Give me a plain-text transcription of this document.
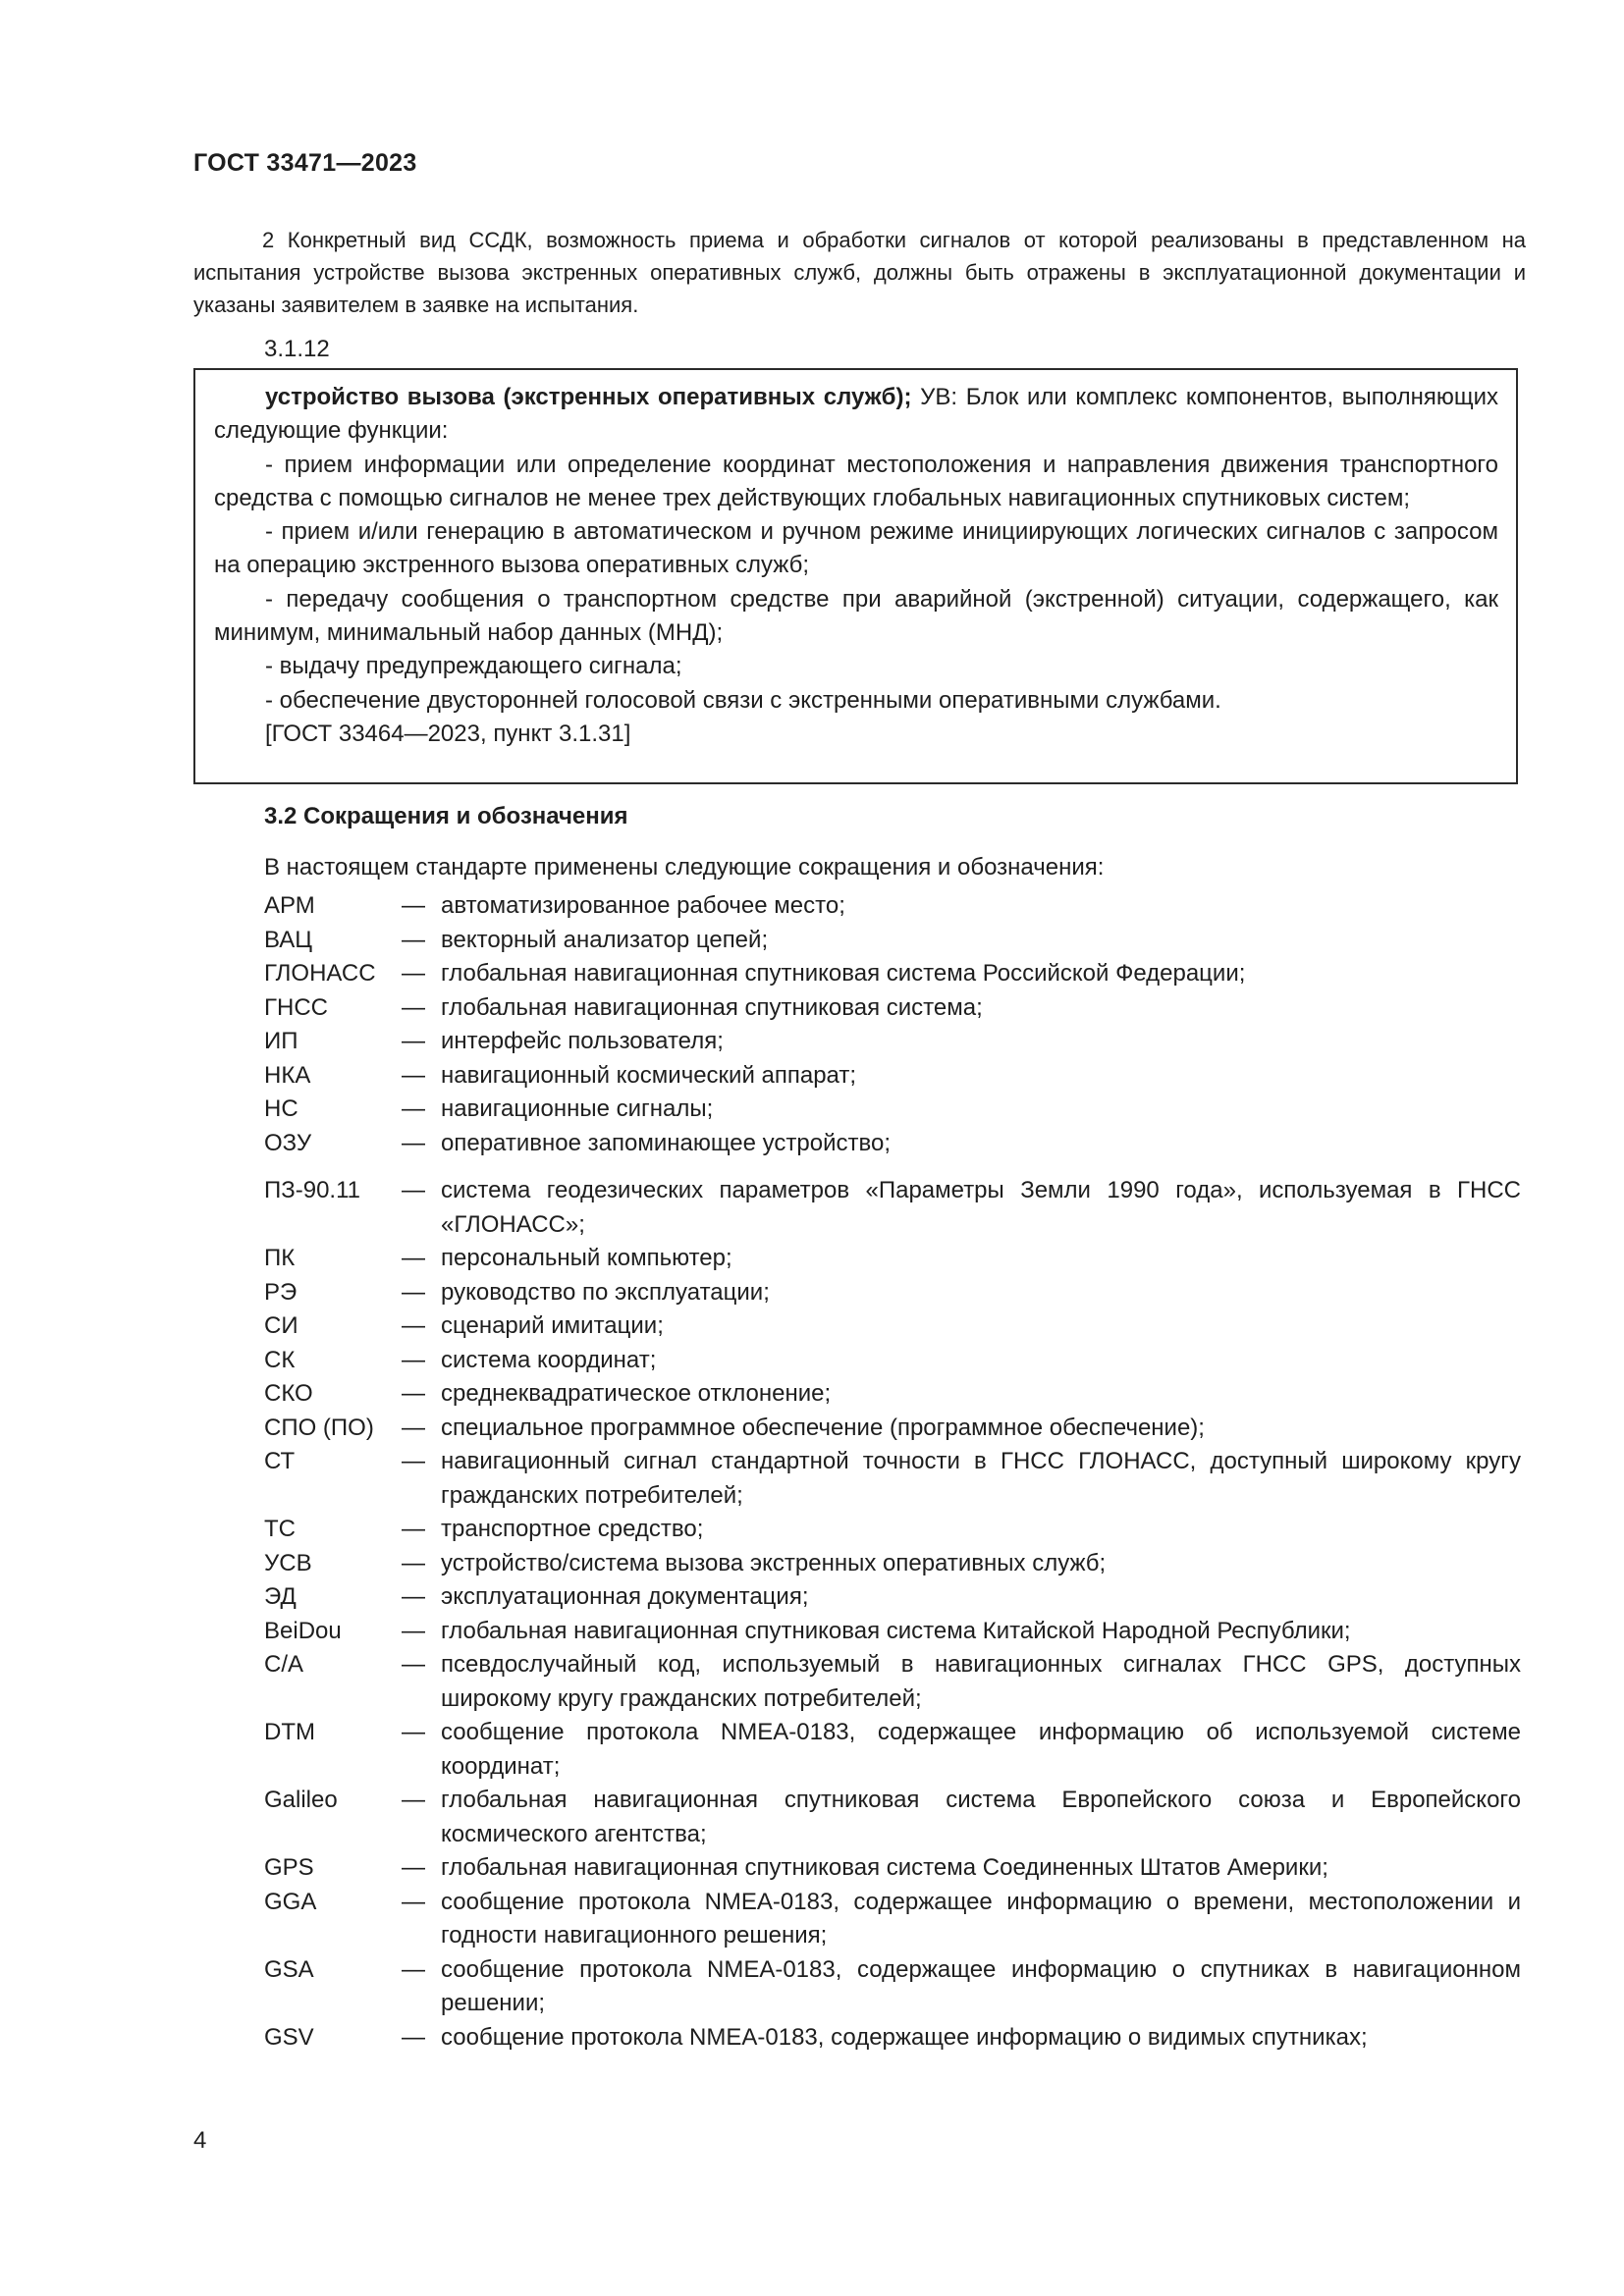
ГОСТ 33471—2023

2 Конкретный вид ССДК, возможность приема и обработки сигналов от которой реализованы в представленном на испытания устройстве вызова экстренных оперативных служб, должны быть отражены в эксплуатационной документации и указаны заявителем в заявке на испытания.

3.1.12
устройство вызова (экстренных оперативных служб); УВ: Блок или комплекс компонентов, выполняющих следующие функции:
- прием информации или определение координат местоположения и направления движения транспортного средства с помощью сигналов не менее трех действующих глобальных навигационных спутниковых систем;
- прием и/или генерацию в автоматическом и ручном режиме инициирующих логических сигналов с запросом на операцию экстренного вызова оперативных служб;
- передачу сообщения о транспортном средстве при аварийной (экстренной) ситуации, содержащего, как минимум, минимальный набор данных (МНД);
- выдачу предупреждающего сигнала;
- обеспечение двусторонней голосовой связи с экстренными оперативными службами.
[ГОСТ 33464—2023, пункт 3.1.31]
3.2 Сокращения и обозначения
В настоящем стандарте применены следующие сокращения и обозначения:
АРМ	— автоматизированное рабочее место;
ВАЦ	— векторный анализатор цепей;
ГЛОНАСС	— глобальная навигационная спутниковая система Российской Федерации;
ГНСС	— глобальная навигационная спутниковая система;
ИП	— интерфейс пользователя;
НКА	— навигационный космический аппарат;
НС	— навигационные сигналы;
ОЗУ	— оперативное запоминающее устройство;
ПЗ-90.11	— система геодезических параметров «Параметры Земли 1990 года», используемая в ГНСС «ГЛОНАСС»;
ПК	— персональный компьютер;
РЭ	— руководство по эксплуатации;
СИ	— сценарий имитации;
СК	— система координат;
СКО	— среднеквадратическое отклонение;
СПО (ПО)	— специальное программное обеспечение (программное обеспечение);
СТ	— навигационный сигнал стандартной точности в ГНСС ГЛОНАСС, доступный широкому кругу гражданских потребителей;
ТС	— транспортное средство;
УСВ	— устройство/система вызова экстренных оперативных служб;
ЭД	— эксплуатационная документация;
BeiDou	— глобальная навигационная спутниковая система Китайской Народной Республики;
C/A	— псевдослучайный код, используемый в навигационных сигналах ГНСС GPS, доступных широкому кругу гражданских потребителей;
DTM	— сообщение протокола NMEA-0183, содержащее информацию об используемой системе координат;
Galileo	— глобальная навигационная спутниковая система Европейского союза и Европейского космического агентства;
GPS	— глобальная навигационная спутниковая система Соединенных Штатов Америки;
GGA	— сообщение протокола NMEA-0183, содержащее информацию о времени, местоположении и годности навигационного решения;
GSA	— сообщение протокола NMEA-0183, содержащее информацию о спутниках в навигационном решении;
GSV	— сообщение протокола NMEA-0183, содержащее информацию о видимых спутниках;
4
